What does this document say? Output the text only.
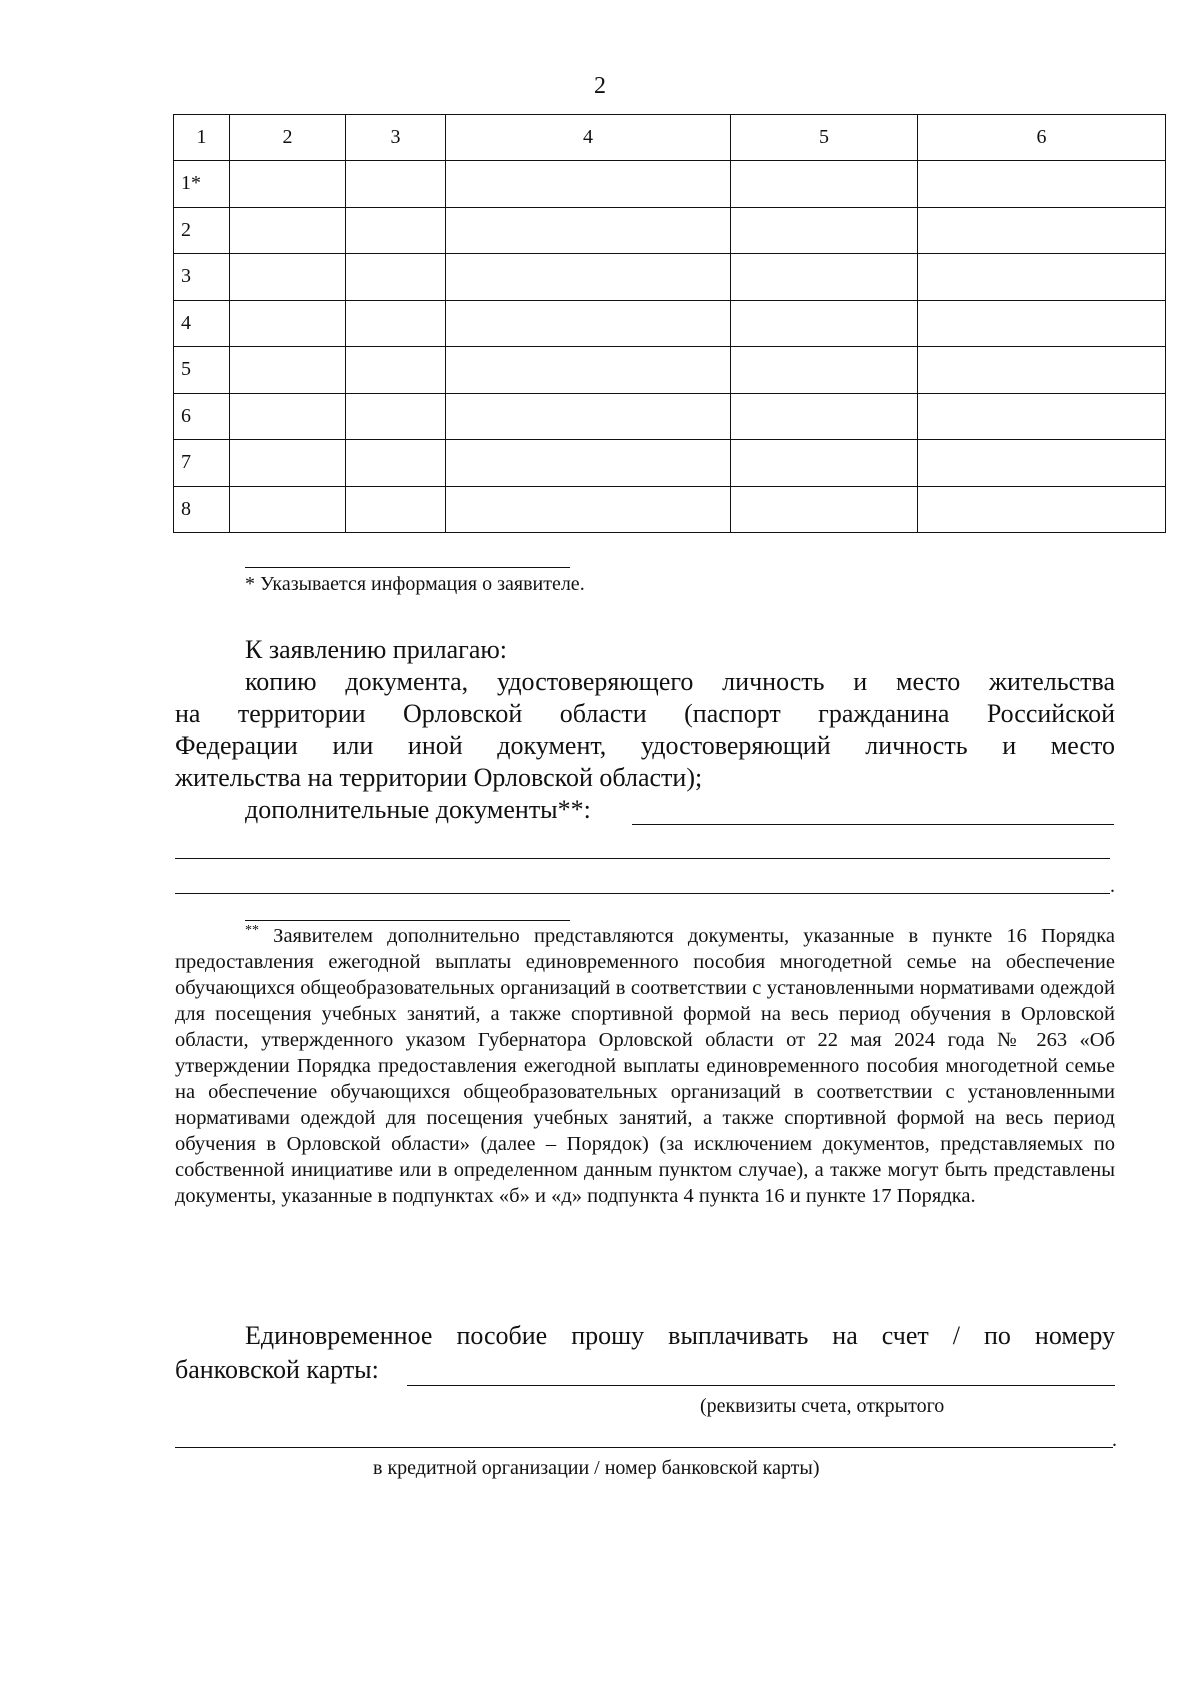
2
1	2	3	4	5	6
1*					
2					
3					
4					
5					
6					
7					
8					
* Указывается информация о заявителе.
К заявлению прилагаю:
копию документа, удостоверяющего личность и место жительства
на территории Орловской области (паспорт гражданина Российской
Федерации или иной документ, удостоверяющий личность и место
жительства на территории Орловской области);
дополнительные документы**:
.
** Заявителем дополнительно представляются документы, указанные в пункте 16 Порядка предоставления ежегодной выплаты единовременного пособия многодетной семье на обеспечение обучающихся общеобразовательных организаций в соответствии с установленными нормативами одеждой для посещения учебных занятий, а также спортивной формой на весь период обучения в Орловской области, утвержденного указом Губернатора Орловской области от 22 мая 2024 года № 263 «Об утверждении Порядка предоставления ежегодной выплаты единовременного пособия многодетной семье на обеспечение обучающихся общеобразовательных организаций в соответствии с установленными нормативами одеждой для посещения учебных занятий, а также спортивной формой на весь период обучения в Орловской области» (далее – Порядок) (за исключением документов, представляемых по собственной инициативе или в определенном данным пунктом случае), а также могут быть представлены документы, указанные в подпунктах «б» и «д» подпункта 4 пункта 16 и пункте 17 Порядка.
Единовременное пособие прошу выплачивать на счет / по номеру
банковской карты:
(реквизиты счета, открытого
.
в кредитной организации / номер банковской карты)
